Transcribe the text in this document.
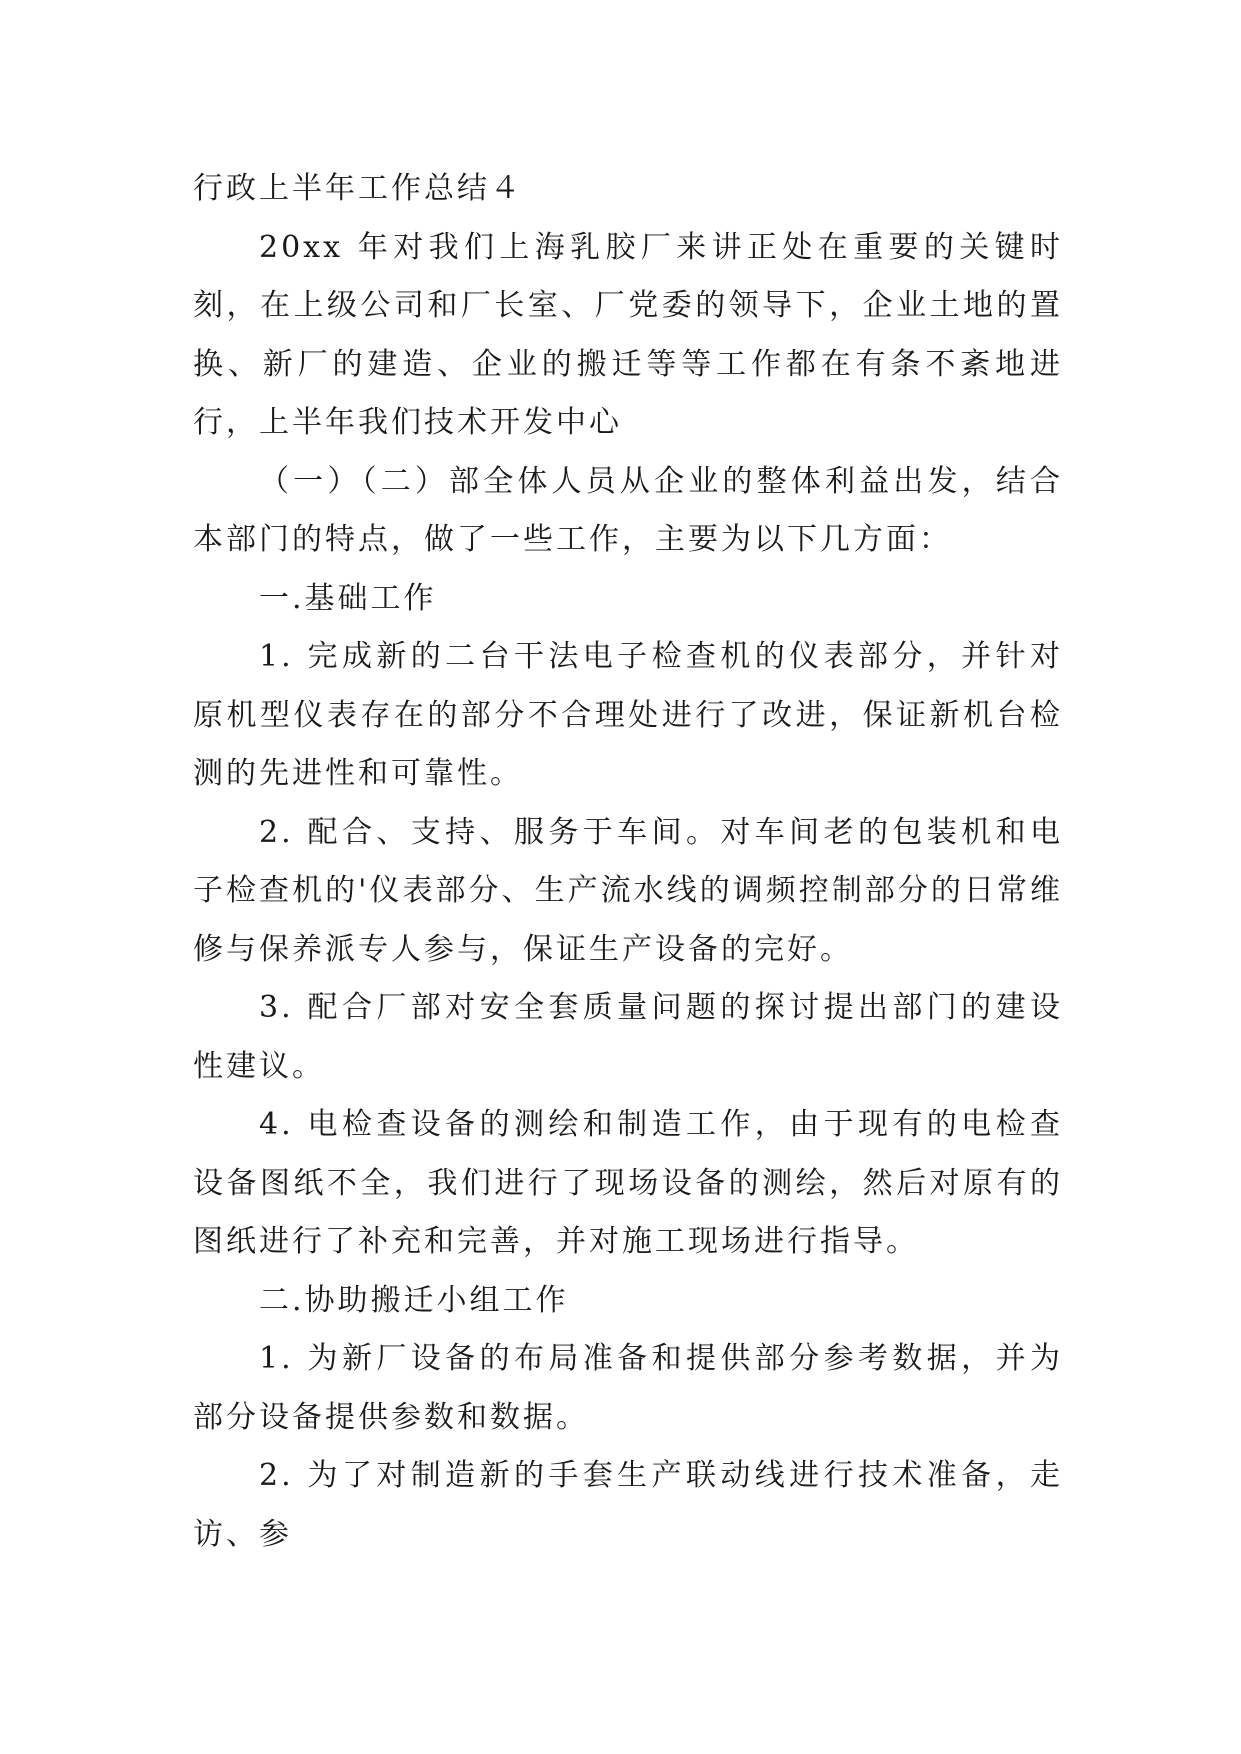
行政上半年工作总结４

20xx 年对我们上海乳胶厂来讲正处在重要的关键时刻，在上级公司和厂长室、厂党委的领导下，企业土地的置换、新厂的建造、企业的搬迁等等工作都在有条不紊地进行，上半年我们技术开发中心

（一）（二）部全体人员从企业的整体利益出发，结合本部门的特点，做了一些工作，主要为以下几方面：

一.基础工作

1. 完成新的二台干法电子检查机的仪表部分，并针对原机型仪表存在的部分不合理处进行了改进，保证新机台检测的先进性和可靠性。

2. 配合、支持、服务于车间。对车间老的包装机和电子检查机的'仪表部分、生产流水线的调频控制部分的日常维修与保养派专人参与，保证生产设备的完好。

3. 配合厂部对安全套质量问题的探讨提出部门的建设性建议。

4. 电检查设备的测绘和制造工作，由于现有的电检查设备图纸不全，我们进行了现场设备的测绘，然后对原有的图纸进行了补充和完善，并对施工现场进行指导。

二.协助搬迁小组工作

1. 为新厂设备的布局准备和提供部分参考数据，并为部分设备提供参数和数据。

2. 为了对制造新的手套生产联动线进行技术准备，走访、参
